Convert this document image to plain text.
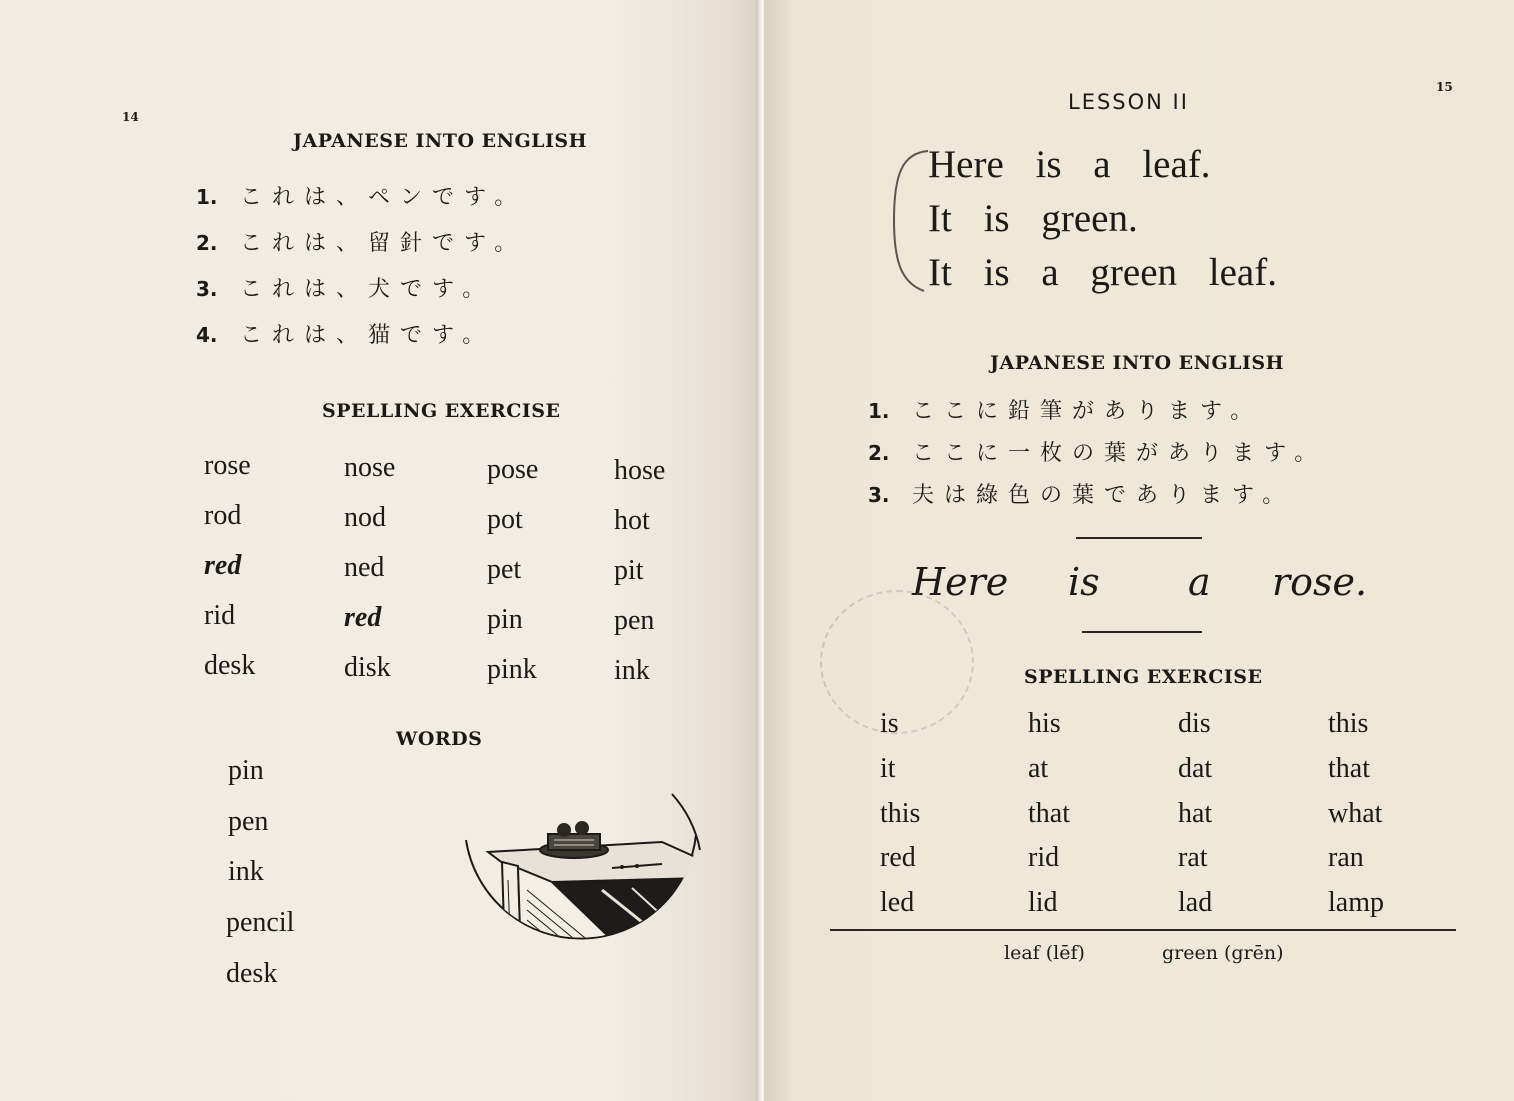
14
JAPANESE INTO ENGLISH
1. これは、ペンです。
2. これは、留針です。
3. これは、犬です。
4. これは、猫です。
SPELLING EXERCISE
rose	nose	pose	hose
rod	nod	pot	hot
red	ned	pet	pit
rid	red	pin	pen
desk	disk	pink	ink
WORDS
pin
pen
ink
pencil
desk
15
LESSON II
Here is a leaf.
It is green.
It is a green leaf.
JAPANESE INTO ENGLISH
1. ここに鉛筆があります。
2. ここに一枚の葉があります。
3. 夫は綠色の葉であります。
Here is a rose.
SPELLING EXERCISE
is	his	dis	this
it	at	dat	that
this	that	hat	what
red	rid	rat	ran
led	lid	lad	lamp
leaf (lēf)	green (grēn)
